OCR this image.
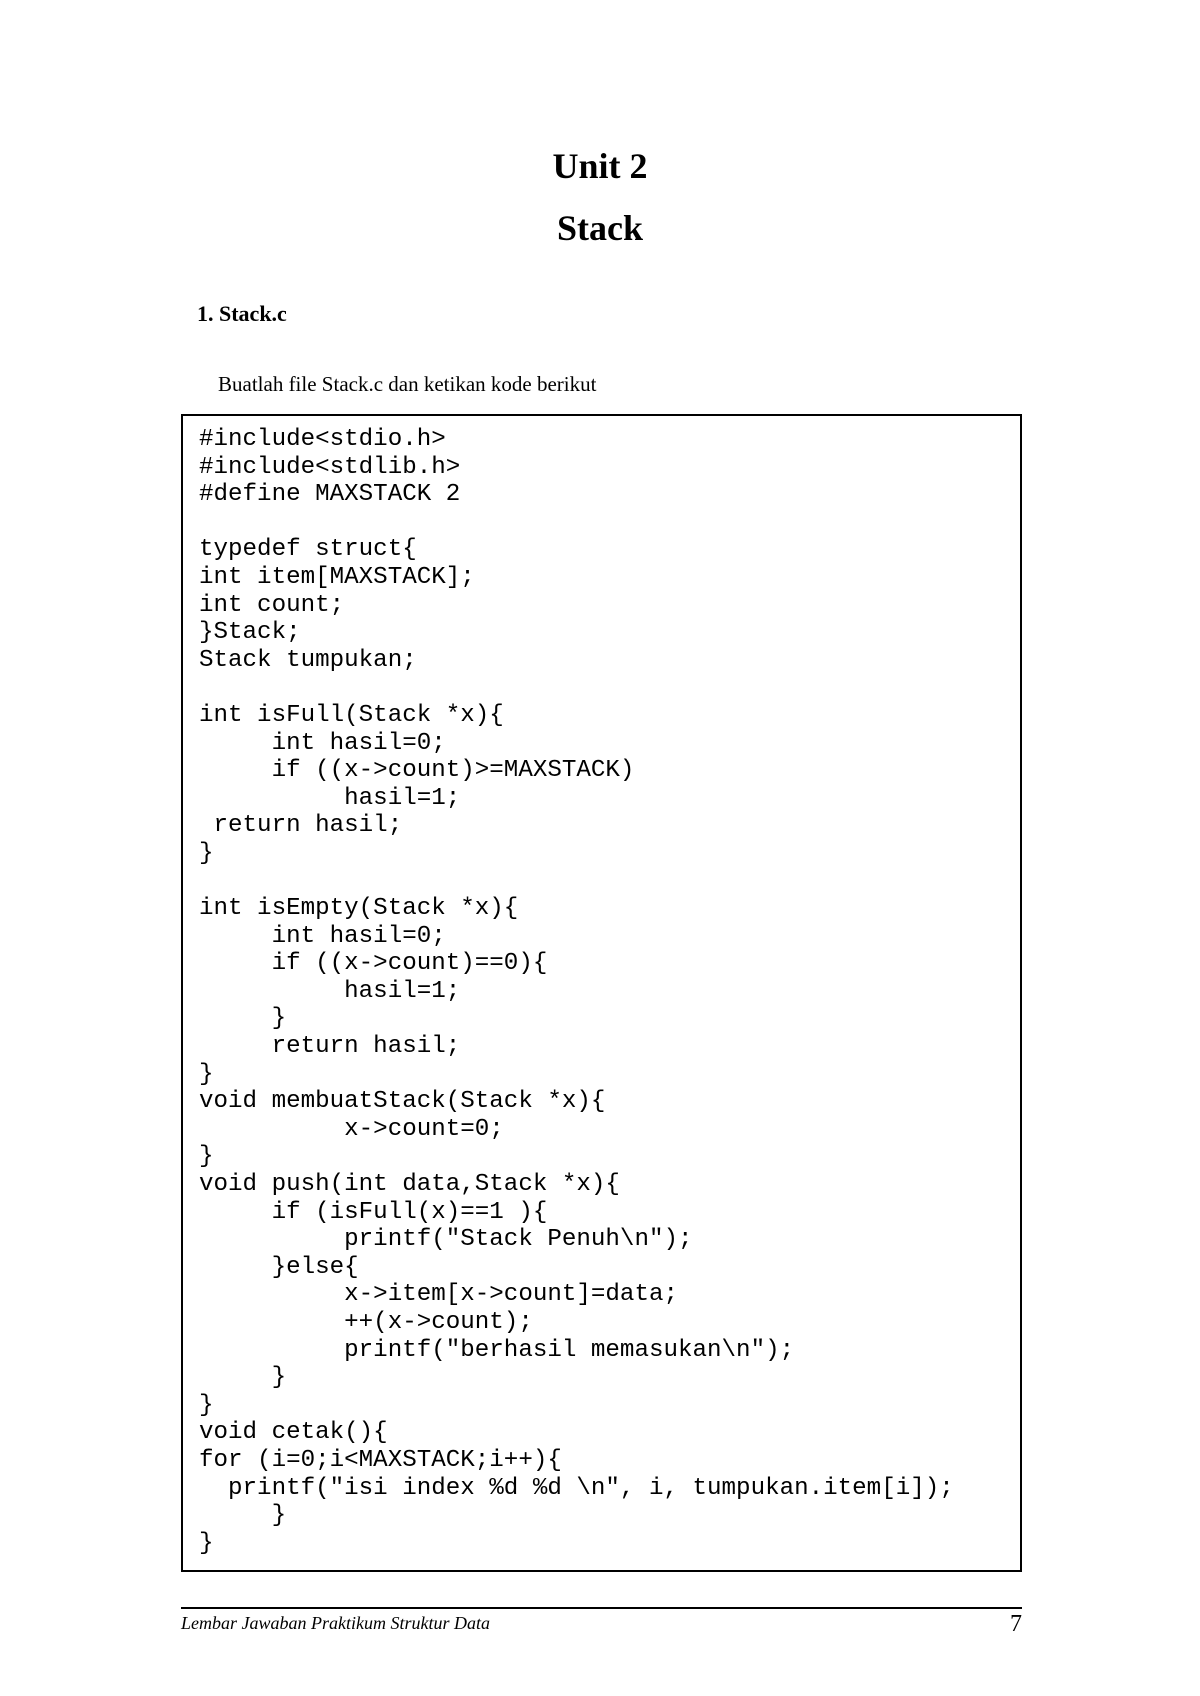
Unit 2
Stack

1. Stack.c

Buatlah file Stack.c dan ketikan kode berikut

#include<stdio.h>
#include<stdlib.h>
#define MAXSTACK 2

typedef struct{
int item[MAXSTACK];
int count;
}Stack;
Stack tumpukan;

int isFull(Stack *x){
int hasil=0;
if ((x->count)>=MAXSTACK)
hasil=1;
return hasil;
}

int isEmpty(Stack *x){
int hasil=0;
if ((x->count)==0){
hasil=1;
}
return hasil;
}
void membuatStack(Stack *x){
x->count=0;
}
void push(int data,Stack *x){
if (isFull(x)==1 ){
printf("Stack Penuh\n");
}else{
x->item[x->count]=data;
++(x->count);
printf("berhasil memasukan\n");
}
}
void cetak(){
for (i=0;i<MAXSTACK;i++){
printf("isi index %d %d \n", i, tumpukan.item[i]);
}
}

Lembar Jawaban Praktikum Struktur Data	7
